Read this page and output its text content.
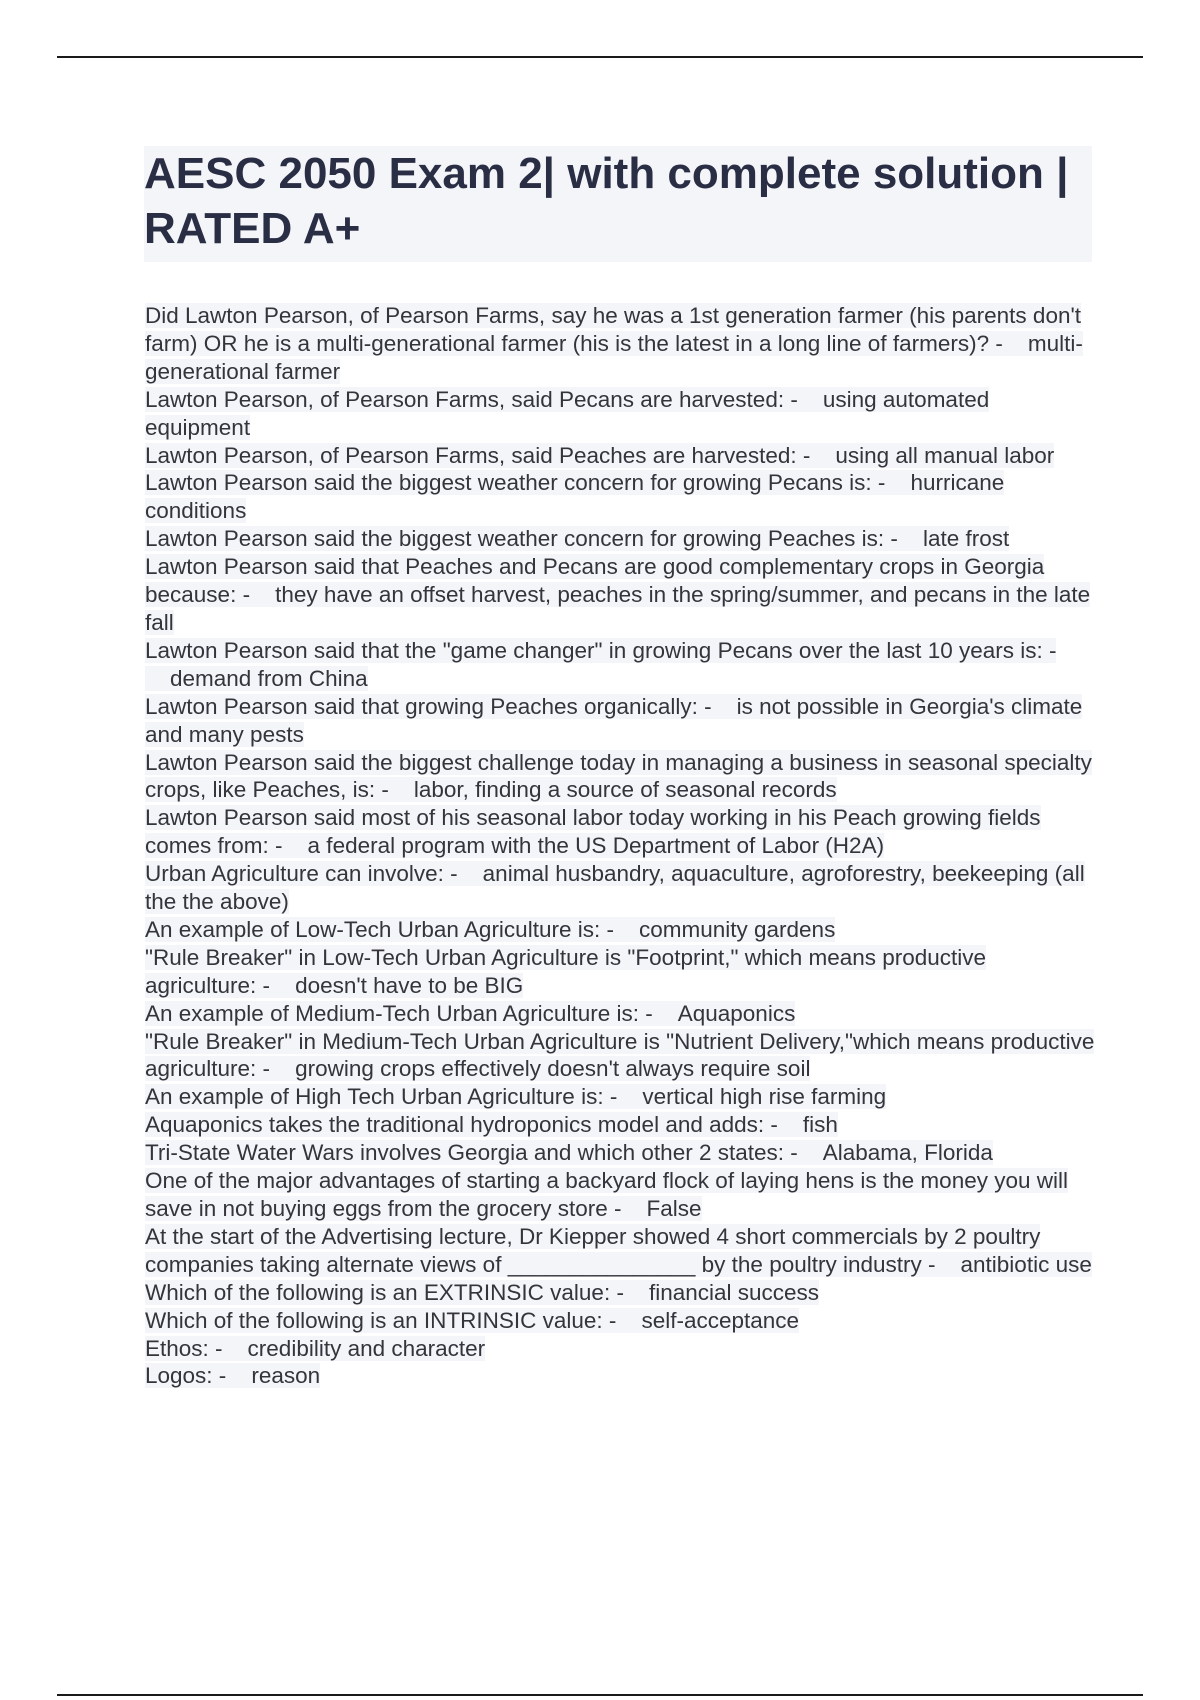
AESC 2050 Exam 2| with complete solution | RATED A+
Did Lawton Pearson, of Pearson Farms, say he was a 1st generation farmer (his parents don't farm) OR he is a multi-generational farmer (his is the latest in a long line of farmers)? - multi-generational farmer
Lawton Pearson, of Pearson Farms, said Pecans are harvested: - using automated equipment
Lawton Pearson, of Pearson Farms, said Peaches are harvested: - using all manual labor
Lawton Pearson said the biggest weather concern for growing Pecans is: - hurricane conditions
Lawton Pearson said the biggest weather concern for growing Peaches is: - late frost
Lawton Pearson said that Peaches and Pecans are good complementary crops in Georgia because: - they have an offset harvest, peaches in the spring/summer, and pecans in the late fall
Lawton Pearson said that the "game changer" in growing Pecans over the last 10 years is: -demand from China
Lawton Pearson said that growing Peaches organically: - is not possible in Georgia's climate and many pests
Lawton Pearson said the biggest challenge today in managing a business in seasonal specialty crops, like Peaches, is: - labor, finding a source of seasonal records
Lawton Pearson said most of his seasonal labor today working in his Peach growing fields comes from: - a federal program with the US Department of Labor (H2A)
Urban Agriculture can involve: - animal husbandry, aquaculture, agroforestry, beekeeping (all the the above)
An example of Low-Tech Urban Agriculture is: - community gardens
"Rule Breaker" in Low-Tech Urban Agriculture is "Footprint," which means productive agriculture: - doesn't have to be BIG
An example of Medium-Tech Urban Agriculture is: - Aquaponics
"Rule Breaker" in Medium-Tech Urban Agriculture is "Nutrient Delivery,"which means productive agriculture: - growing crops effectively doesn't always require soil
An example of High Tech Urban Agriculture is: - vertical high rise farming
Aquaponics takes the traditional hydroponics model and adds: - fish
Tri-State Water Wars involves Georgia and which other 2 states: - Alabama, Florida
One of the major advantages of starting a backyard flock of laying hens is the money you will save in not buying eggs from the grocery store - False
At the start of the Advertising lecture, Dr Kiepper showed 4 short commercials by 2 poultry companies taking alternate views of _______________ by the poultry industry - antibiotic use
Which of the following is an EXTRINSIC value: - financial success
Which of the following is an INTRINSIC value: - self-acceptance
Ethos: - credibility and character
Logos: - reason
